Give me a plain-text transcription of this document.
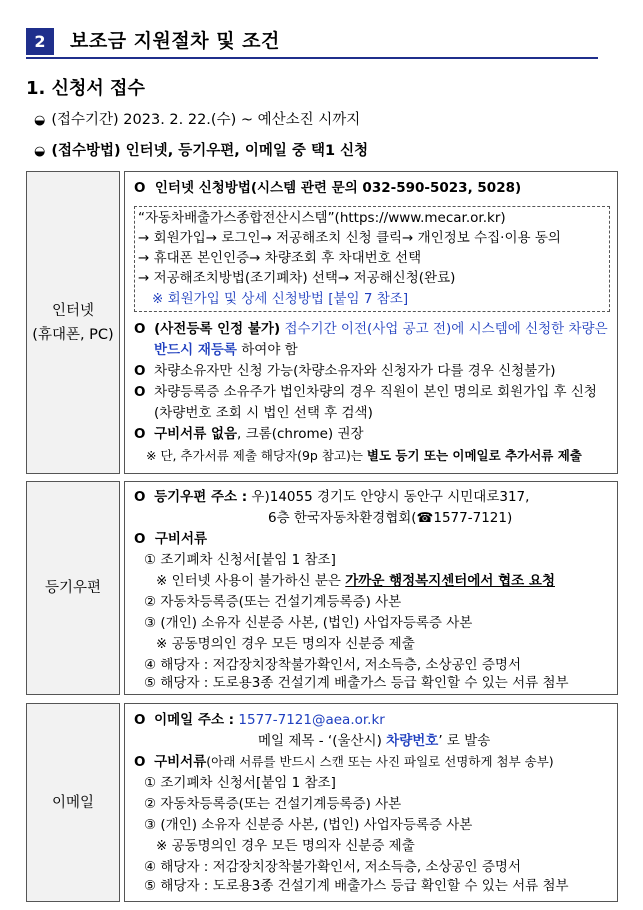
2	보조금 지원절차 및 조건
1. 신청서 접수
◒ (접수기간) 2023. 2. 22.(수) ~ 예산소진 시까지
◒ (접수방법) 인터넷, 등기우편, 이메일 중 택1 신청
인터넷
(휴대폰, PC)
O 인터넷 신청방법(시스템 관련 문의 032-590-5023, 5028)
“자동차배출가스종합전산시스템”(https://www.mecar.or.kr)
→ 회원가입→ 로그인→ 저공해조치 신청 클릭→ 개인정보 수집·이용 동의
→ 휴대폰 본인인증→ 차량조회 후 차대번호 선택
→ 저공해조치방법(조기폐차) 선택→ 저공해신청(완료)
※ 회원가입 및 상세 신청방법 [붙임 7 참조]
O (사전등록 인정 불가) 접수기간 이전(사업 공고 전)에 시스템에 신청한 차량은
반드시 재등록 하여야 함
O 차량소유자만 신청 가능(차량소유자와 신청자가 다를 경우 신청불가)
O 차량등록증 소유주가 법인차량의 경우 직원이 본인 명의로 회원가입 후 신청
(차량번호 조회 시 법인 선택 후 검색)
O 구비서류 없음, 크롬(chrome) 권장
※ 단, 추가서류 제출 해당자(9p 참고)는 별도 등기 또는 이메일로 추가서류 제출
등기우편
O 등기우편 주소 : 우)14055 경기도 안양시 동안구 시민대로317,
6층 한국자동차환경협회(☎1577-7121)
O 구비서류
① 조기폐차 신청서[붙임 1 참조]
※ 인터넷 사용이 불가하신 분은 가까운 행정복지센터에서 협조 요청
② 자동차등록증(또는 건설기계등록증) 사본
③ (개인) 소유자 신분증 사본, (법인) 사업자등록증 사본
※ 공동명의인 경우 모든 명의자 신분증 제출
④ 해당자 : 저감장치장착불가확인서, 저소득층, 소상공인 증명서
⑤ 해당자 : 도로용3종 건설기계 배출가스 등급 확인할 수 있는 서류 첨부
이메일
O 이메일 주소 : 1577-7121@aea.or.kr
메일 제목 - ‘(울산시) 차량번호’ 로 발송
O 구비서류(아래 서류를 반드시 스캔 또는 사진 파일로 선명하게 첨부 송부)
① 조기폐차 신청서[붙임 1 참조]
② 자동차등록증(또는 건설기계등록증) 사본
③ (개인) 소유자 신분증 사본, (법인) 사업자등록증 사본
※ 공동명의인 경우 모든 명의자 신분증 제출
④ 해당자 : 저감장치장착불가확인서, 저소득층, 소상공인 증명서
⑤ 해당자 : 도로용3종 건설기계 배출가스 등급 확인할 수 있는 서류 첨부
